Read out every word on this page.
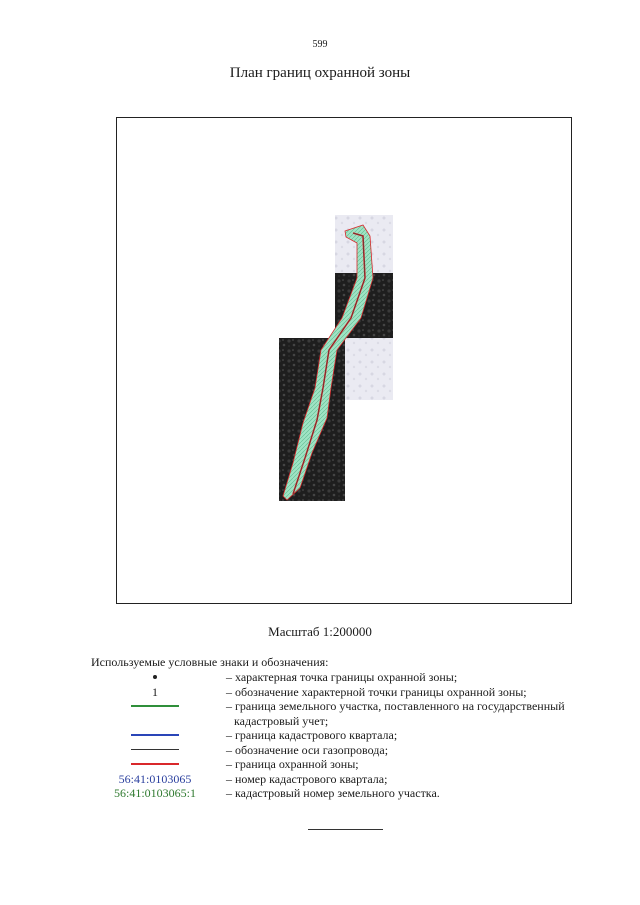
599
План границ охранной зоны
Масштаб 1:200000
Используемые условные знаки и обозначения:
– характерная точка границы охранной зоны;
1	– обозначение характерной точки границы охранной зоны;
– граница земельного участка, поставленного на государственный
кадастровый учет;
– граница кадастрового квартала;
– обозначение оси газопровода;
– граница охранной зоны;
56:41:0103065	– номер кадастрового квартала;
56:41:0103065:1	– кадастровый номер земельного участка.
